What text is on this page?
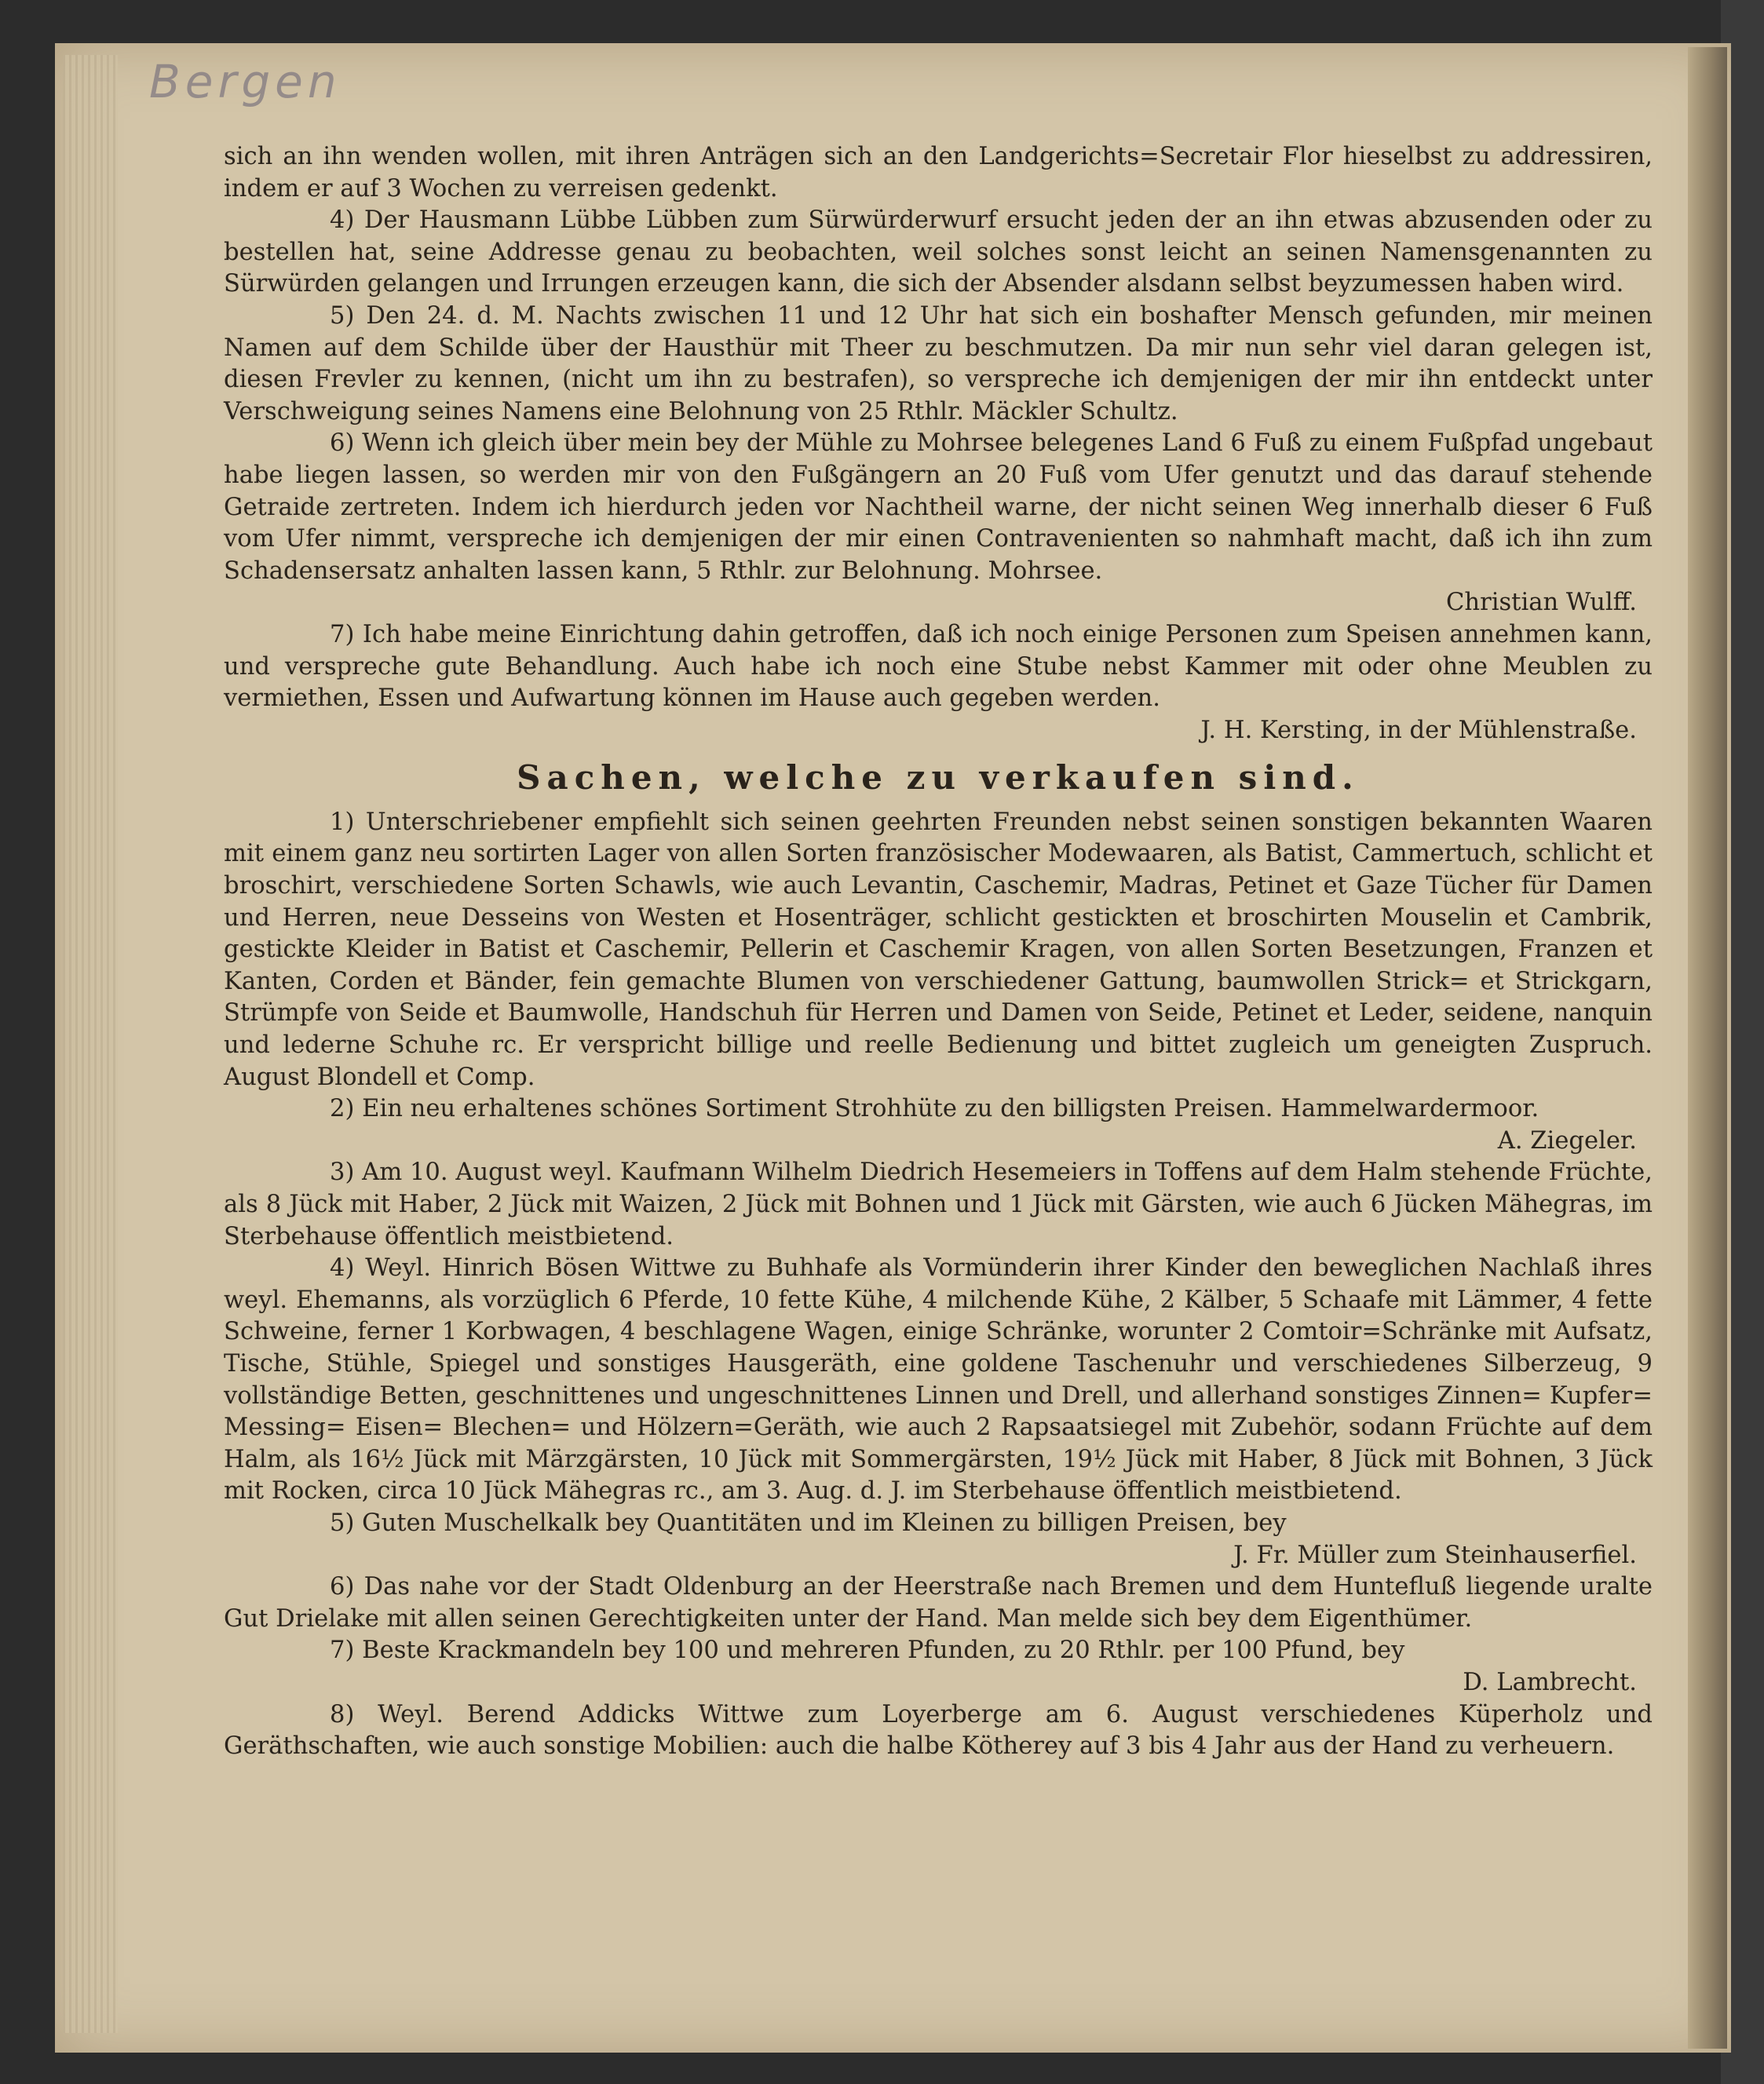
Bergen

sich an ihn wenden wollen, mit ihren Anträgen sich an den Landgerichts=Secretair Flor hieselbst zu addressiren, indem er auf 3 Wochen zu verreisen gedenkt.

4) Der Hausmann Lübbe Lübben zum Sürwürderwurf ersucht jeden der an ihn etwas abzusenden oder zu bestellen hat, seine Addresse genau zu beobachten, weil solches sonst leicht an seinen Namensgenannten zu Sürwürden gelangen und Irrungen erzeugen kann, die sich der Absender alsdann selbst beyzumessen haben wird.

5) Den 24. d. M. Nachts zwischen 11 und 12 Uhr hat sich ein boshafter Mensch gefunden, mir meinen Namen auf dem Schilde über der Hausthür mit Theer zu beschmutzen. Da mir nun sehr viel daran gelegen ist, diesen Frevler zu kennen, (nicht um ihn zu bestrafen), so verspreche ich demjenigen der mir ihn entdeckt unter Verschweigung seines Namens eine Belohnung von 25 Rthlr. Mäckler Schultz.

6) Wenn ich gleich über mein bey der Mühle zu Mohrsee belegenes Land 6 Fuß zu einem Fußpfad ungebaut habe liegen lassen, so werden mir von den Fußgängern an 20 Fuß vom Ufer genutzt und das darauf stehende Getraide zertreten. Indem ich hierdurch jeden vor Nachtheil warne, der nicht seinen Weg innerhalb dieser 6 Fuß vom Ufer nimmt, verspreche ich demjenigen der mir einen Contravenienten so nahmhaft macht, daß ich ihn zum Schadensersatz anhalten lassen kann, 5 Rthlr. zur Belohnung. Mohrsee.

Christian Wulff.

7) Ich habe meine Einrichtung dahin getroffen, daß ich noch einige Personen zum Speisen annehmen kann, und verspreche gute Behandlung. Auch habe ich noch eine Stube nebst Kammer mit oder ohne Meublen zu vermiethen, Essen und Aufwartung können im Hause auch gegeben werden.

J. H. Kersting, in der Mühlenstraße.

Sachen, welche zu verkaufen sind.

1) Unterschriebener empfiehlt sich seinen geehrten Freunden nebst seinen sonstigen bekannten Waaren mit einem ganz neu sortirten Lager von allen Sorten französischer Modewaaren, als Batist, Cammertuch, schlicht et broschirt, verschiedene Sorten Schawls, wie auch Levantin, Caschemir, Madras, Petinet et Gaze Tücher für Damen und Herren, neue Desseins von Westen et Hosenträger, schlicht gestickten et broschirten Mouselin et Cambrik, gestickte Kleider in Batist et Caschemir, Pellerin et Caschemir Kragen, von allen Sorten Besetzungen, Franzen et Kanten, Corden et Bänder, fein gemachte Blumen von verschiedener Gattung, baumwollen Strick= et Strickgarn, Strümpfe von Seide et Baumwolle, Handschuh für Herren und Damen von Seide, Petinet et Leder, seidene, nanquin und lederne Schuhe rc. Er verspricht billige und reelle Bedienung und bittet zugleich um geneigten Zuspruch. August Blondell et Comp.

2) Ein neu erhaltenes schönes Sortiment Strohhüte zu den billigsten Preisen. Hammelwardermoor.

A. Ziegeler.

3) Am 10. August weyl. Kaufmann Wilhelm Diedrich Hesemeiers in Toffens auf dem Halm stehende Früchte, als 8 Jück mit Haber, 2 Jück mit Waizen, 2 Jück mit Bohnen und 1 Jück mit Gärsten, wie auch 6 Jücken Mähegras, im Sterbehause öffentlich meistbietend.

4) Weyl. Hinrich Bösen Wittwe zu Buhhafe als Vormünderin ihrer Kinder den beweglichen Nachlaß ihres weyl. Ehemanns, als vorzüglich 6 Pferde, 10 fette Kühe, 4 milchende Kühe, 2 Kälber, 5 Schaafe mit Lämmer, 4 fette Schweine, ferner 1 Korbwagen, 4 beschlagene Wagen, einige Schränke, worunter 2 Comtoir=Schränke mit Aufsatz, Tische, Stühle, Spiegel und sonstiges Hausgeräth, eine goldene Taschenuhr und verschiedenes Silberzeug, 9 vollständige Betten, geschnittenes und ungeschnittenes Linnen und Drell, und allerhand sonstiges Zinnen= Kupfer= Messing= Eisen= Blechen= und Hölzern=Geräth, wie auch 2 Rapsaatsiegel mit Zubehör, sodann Früchte auf dem Halm, als 16½ Jück mit Märzgärsten, 10 Jück mit Sommergärsten, 19½ Jück mit Haber, 8 Jück mit Bohnen, 3 Jück mit Rocken, circa 10 Jück Mähegras rc., am 3. Aug. d. J. im Sterbehause öffentlich meistbietend.

5) Guten Muschelkalk bey Quantitäten und im Kleinen zu billigen Preisen, bey

J. Fr. Müller zum Steinhauserfiel.

6) Das nahe vor der Stadt Oldenburg an der Heerstraße nach Bremen und dem Huntefluß liegende uralte Gut Drielake mit allen seinen Gerechtigkeiten unter der Hand. Man melde sich bey dem Eigenthümer.

7) Beste Krackmandeln bey 100 und mehreren Pfunden, zu 20 Rthlr. per 100 Pfund, bey

D. Lambrecht.

8) Weyl. Berend Addicks Wittwe zum Loyerberge am 6. August verschiedenes Küperholz und Geräthschaften, wie auch sonstige Mobilien: auch die halbe Kötherey auf 3 bis 4 Jahr aus der Hand zu verheuern.
